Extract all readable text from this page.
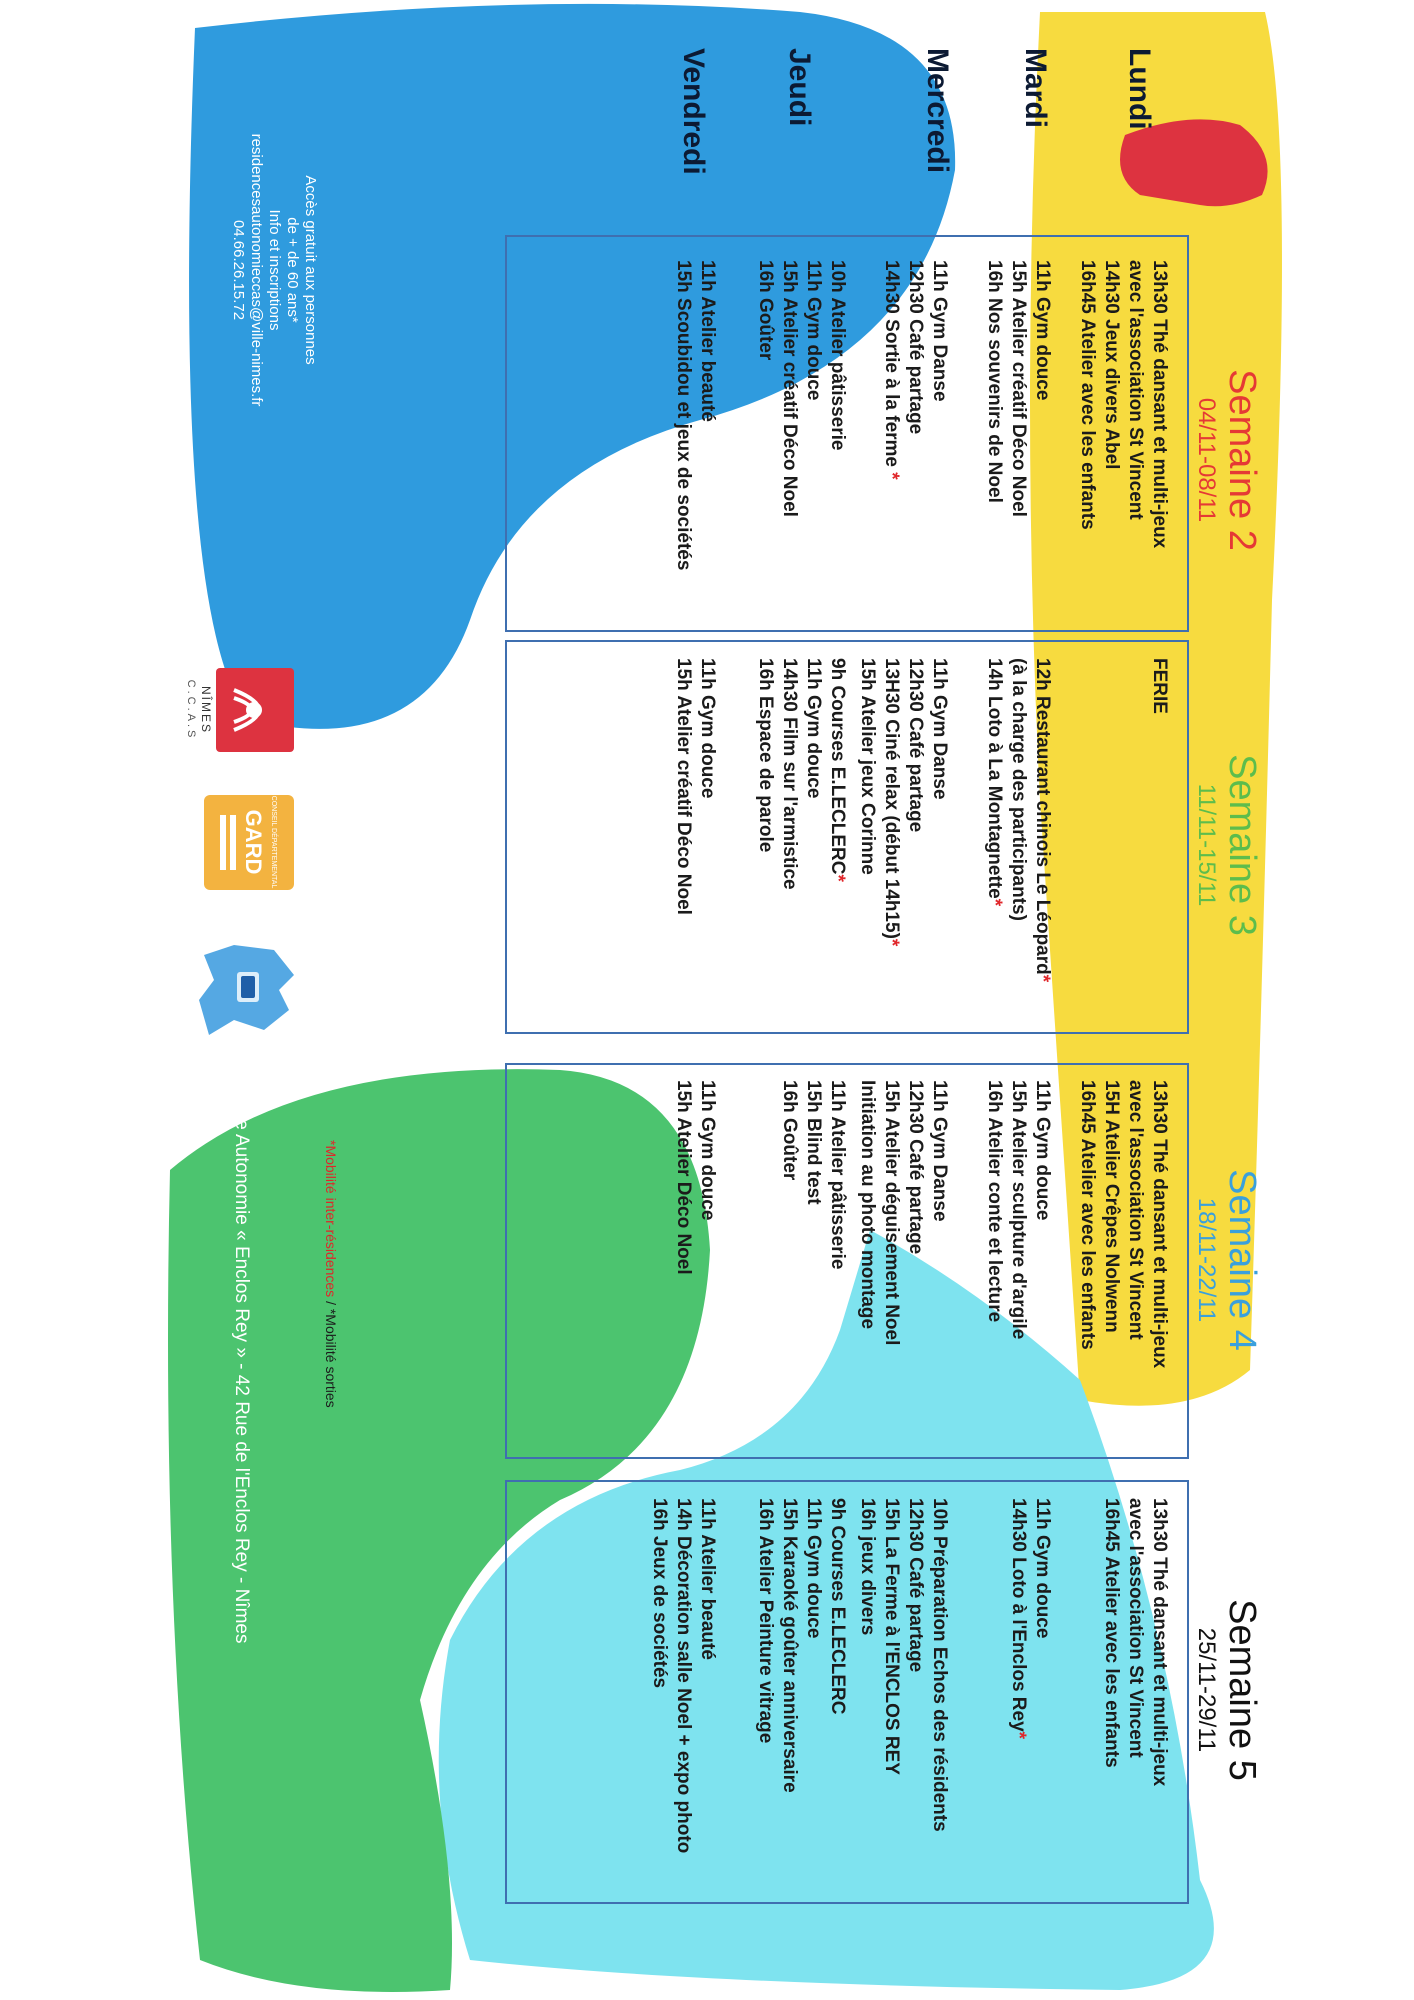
Programme d'animation du 1er au 29 novembre 2024
Résidence Autonomie «Enclos Rey»
Lundi
Mardi
Mercredi
Jeudi
Vendredi
Semaine 2
04/11-08/11
13h30 Thé dansant et multi-jeux
avec l'association St Vincent
14h30 Jeux divers Abel
16h45 Atelier avec les enfants
11h Gym douce
15h Atelier créatif Déco Noel
16h Nos souvenirs de Noel
11h Gym Danse
12h30 Café partage
14h30 Sortie à la ferme *
10h Atelier pâtisserie
11h Gym douce
15h Atelier créatif Déco Noel
16h Goûter
11h Atelier beauté
15h Scoubidou et jeux de sociétés
Semaine 3
11/11-15/11
FERIE
12h Restaurant chinois Le Léopard*
(à la charge des participants)
14h Loto à La Montagnette*
11h Gym Danse
12h30 Café partage
13H30 Ciné relax (début 14h15)*
15h Atelier jeux Corinne
9h Courses E.LECLERC*
11h Gym douce
14h30 Film sur l'armistice
16h Espace de parole
11h Gym douce
15h Atelier créatif Déco Noel
Semaine 4
18/11-22/11
13h30 Thé dansant et multi-jeux
avec l'association St Vincent
15H Atelier Crêpes Nolwenn
16h45 Atelier avec les enfants
11h Gym douce
15h Atelier sculpture d'argile
16h Atelier conte et lecture
11h Gym Danse
12h30 Café partage
15h Atelier déguisement Noel
Initiation au photo montage
11h Atelier pâtisserie
15h Blind test
16h Goûter
11h Gym douce
15h Atelier Déco Noel
Semaine 5
25/11-29/11
13h30 Thé dansant et multi-jeux
avec l'association St Vincent
16h45 Atelier avec les enfants
11h Gym douce
14h30 Loto à l'Enclos Rey*
10h Préparation Echos des résidents
12h30 Café partage
15h La Ferme à l'ENCLOS REY
16h jeux divers
9h Courses E.LECLERC
11h Gym douce
15h Karaoké goûter anniversaire
16h Atelier Peinture vitrage
11h Atelier beauté
14h Décoration salle Noel + expo photo
16h Jeux de sociétés
Accès gratuit aux personnes
de + de 60 ans*
Info et inscriptions
residencesautonomieccas@ville-nimes.fr
04.66.26.15.72
NÎMES
C.C.A.S
CONSEIL DÉPARTEMENTAL
GARD
*Mobilité inter-résidences / *Mobilité sorties
Résidence Autonomie « Enclos Rey » - 42 Rue de l'Enclos Rey - Nîmes
